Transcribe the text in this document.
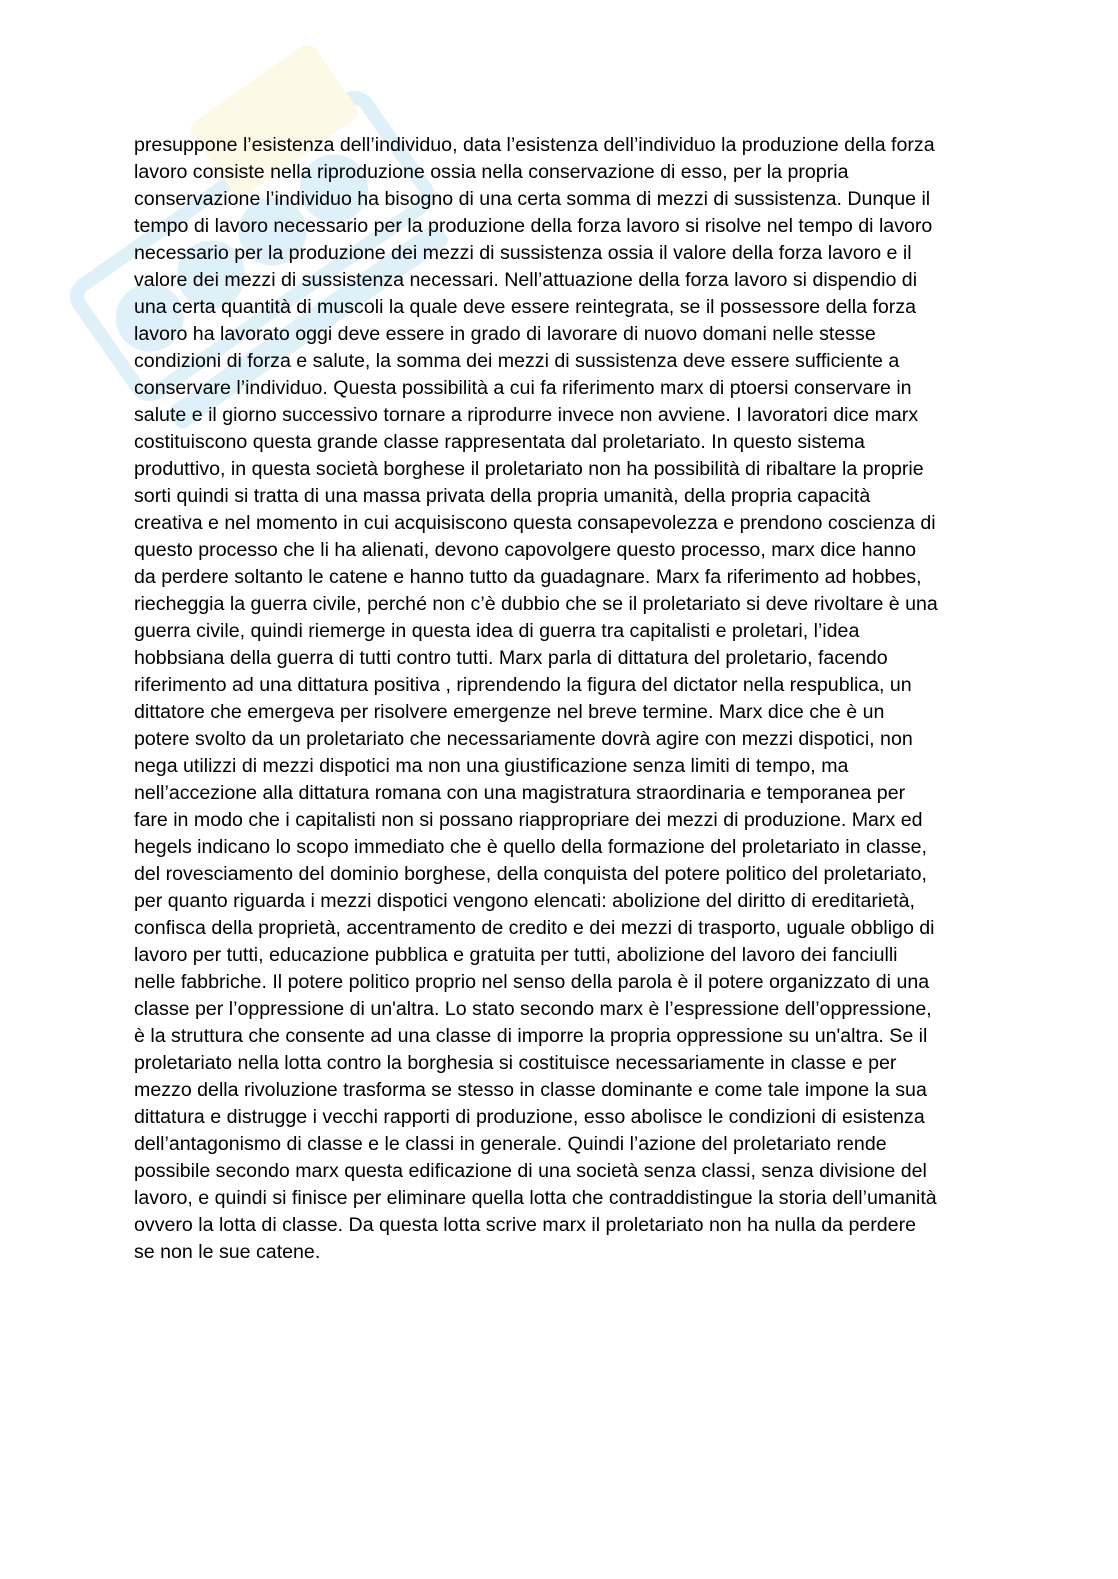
presuppone l’esistenza dell’individuo, data l’esistenza dell’individuo la produzione della forza
lavoro consiste nella riproduzione ossia nella conservazione di esso, per la propria
conservazione l’individuo ha bisogno di una certa somma di mezzi di sussistenza. Dunque il
tempo di lavoro necessario per la produzione della forza lavoro si risolve nel tempo di lavoro
necessario per la produzione dei mezzi di sussistenza ossia il valore della forza lavoro e il
valore dei mezzi di sussistenza necessari. Nell’attuazione della forza lavoro si dispendio di
una certa quantità di muscoli la quale deve essere reintegrata, se il possessore della forza
lavoro ha lavorato oggi deve essere in grado di lavorare di nuovo domani nelle stesse
condizioni di forza e salute, la somma dei mezzi di sussistenza deve essere sufficiente a
conservare l’individuo. Questa possibilità a cui fa riferimento marx di ptoersi conservare in
salute e il giorno successivo tornare a riprodurre invece non avviene. I lavoratori dice marx
costituiscono questa grande classe rappresentata dal proletariato. In questo sistema
produttivo, in questa società borghese il proletariato non ha possibilità di ribaltare la proprie
sorti quindi si tratta di una massa privata della propria umanità, della propria capacità
creativa e nel momento in cui acquisiscono questa consapevolezza e prendono coscienza di
questo processo che li ha alienati, devono capovolgere questo processo, marx dice hanno
da perdere soltanto le catene e hanno tutto da guadagnare. Marx fa riferimento ad hobbes,
riecheggia la guerra civile, perché non c’è dubbio che se il proletariato si deve rivoltare è una
guerra civile, quindi riemerge in questa idea di guerra tra capitalisti e proletari, l’idea
hobbsiana della guerra di tutti contro tutti. Marx parla di dittatura del proletario, facendo
riferimento ad una dittatura positiva , riprendendo la figura del dictator nella respublica, un
dittatore che emergeva per risolvere emergenze nel breve termine. Marx dice che è un
potere svolto da un proletariato che necessariamente dovrà agire con mezzi dispotici, non
nega utilizzi di mezzi dispotici ma non una giustificazione senza limiti di tempo, ma
nell’accezione alla dittatura romana con una magistratura straordinaria e temporanea per
fare in modo che i capitalisti non si possano riappropriare dei mezzi di produzione. Marx ed
hegels indicano lo scopo immediato che è quello della formazione del proletariato in classe,
del rovesciamento del dominio borghese, della conquista del potere politico del proletariato,
per quanto riguarda i mezzi dispotici vengono elencati: abolizione del diritto di ereditarietà,
confisca della proprietà, accentramento de credito e dei mezzi di trasporto, uguale obbligo di
lavoro per tutti, educazione pubblica e gratuita per tutti, abolizione del lavoro dei fanciulli
nelle fabbriche. Il potere politico proprio nel senso della parola è il potere organizzato di una
classe per l’oppressione di un'altra. Lo stato secondo marx è l’espressione dell’oppressione,
è la struttura che consente ad una classe di imporre la propria oppressione su un'altra. Se il
proletariato nella lotta contro la borghesia si costituisce necessariamente in classe e per
mezzo della rivoluzione trasforma se stesso in classe dominante e come tale impone la sua
dittatura e distrugge i vecchi rapporti di produzione, esso abolisce le condizioni di esistenza
dell’antagonismo di classe e le classi in generale. Quindi l’azione del proletariato rende
possibile secondo marx questa edificazione di una società senza classi, senza divisione del
lavoro, e quindi si finisce per eliminare quella lotta che contraddistingue la storia dell’umanità
ovvero la lotta di classe. Da questa lotta scrive marx il proletariato non ha nulla da perdere
se non le sue catene.
